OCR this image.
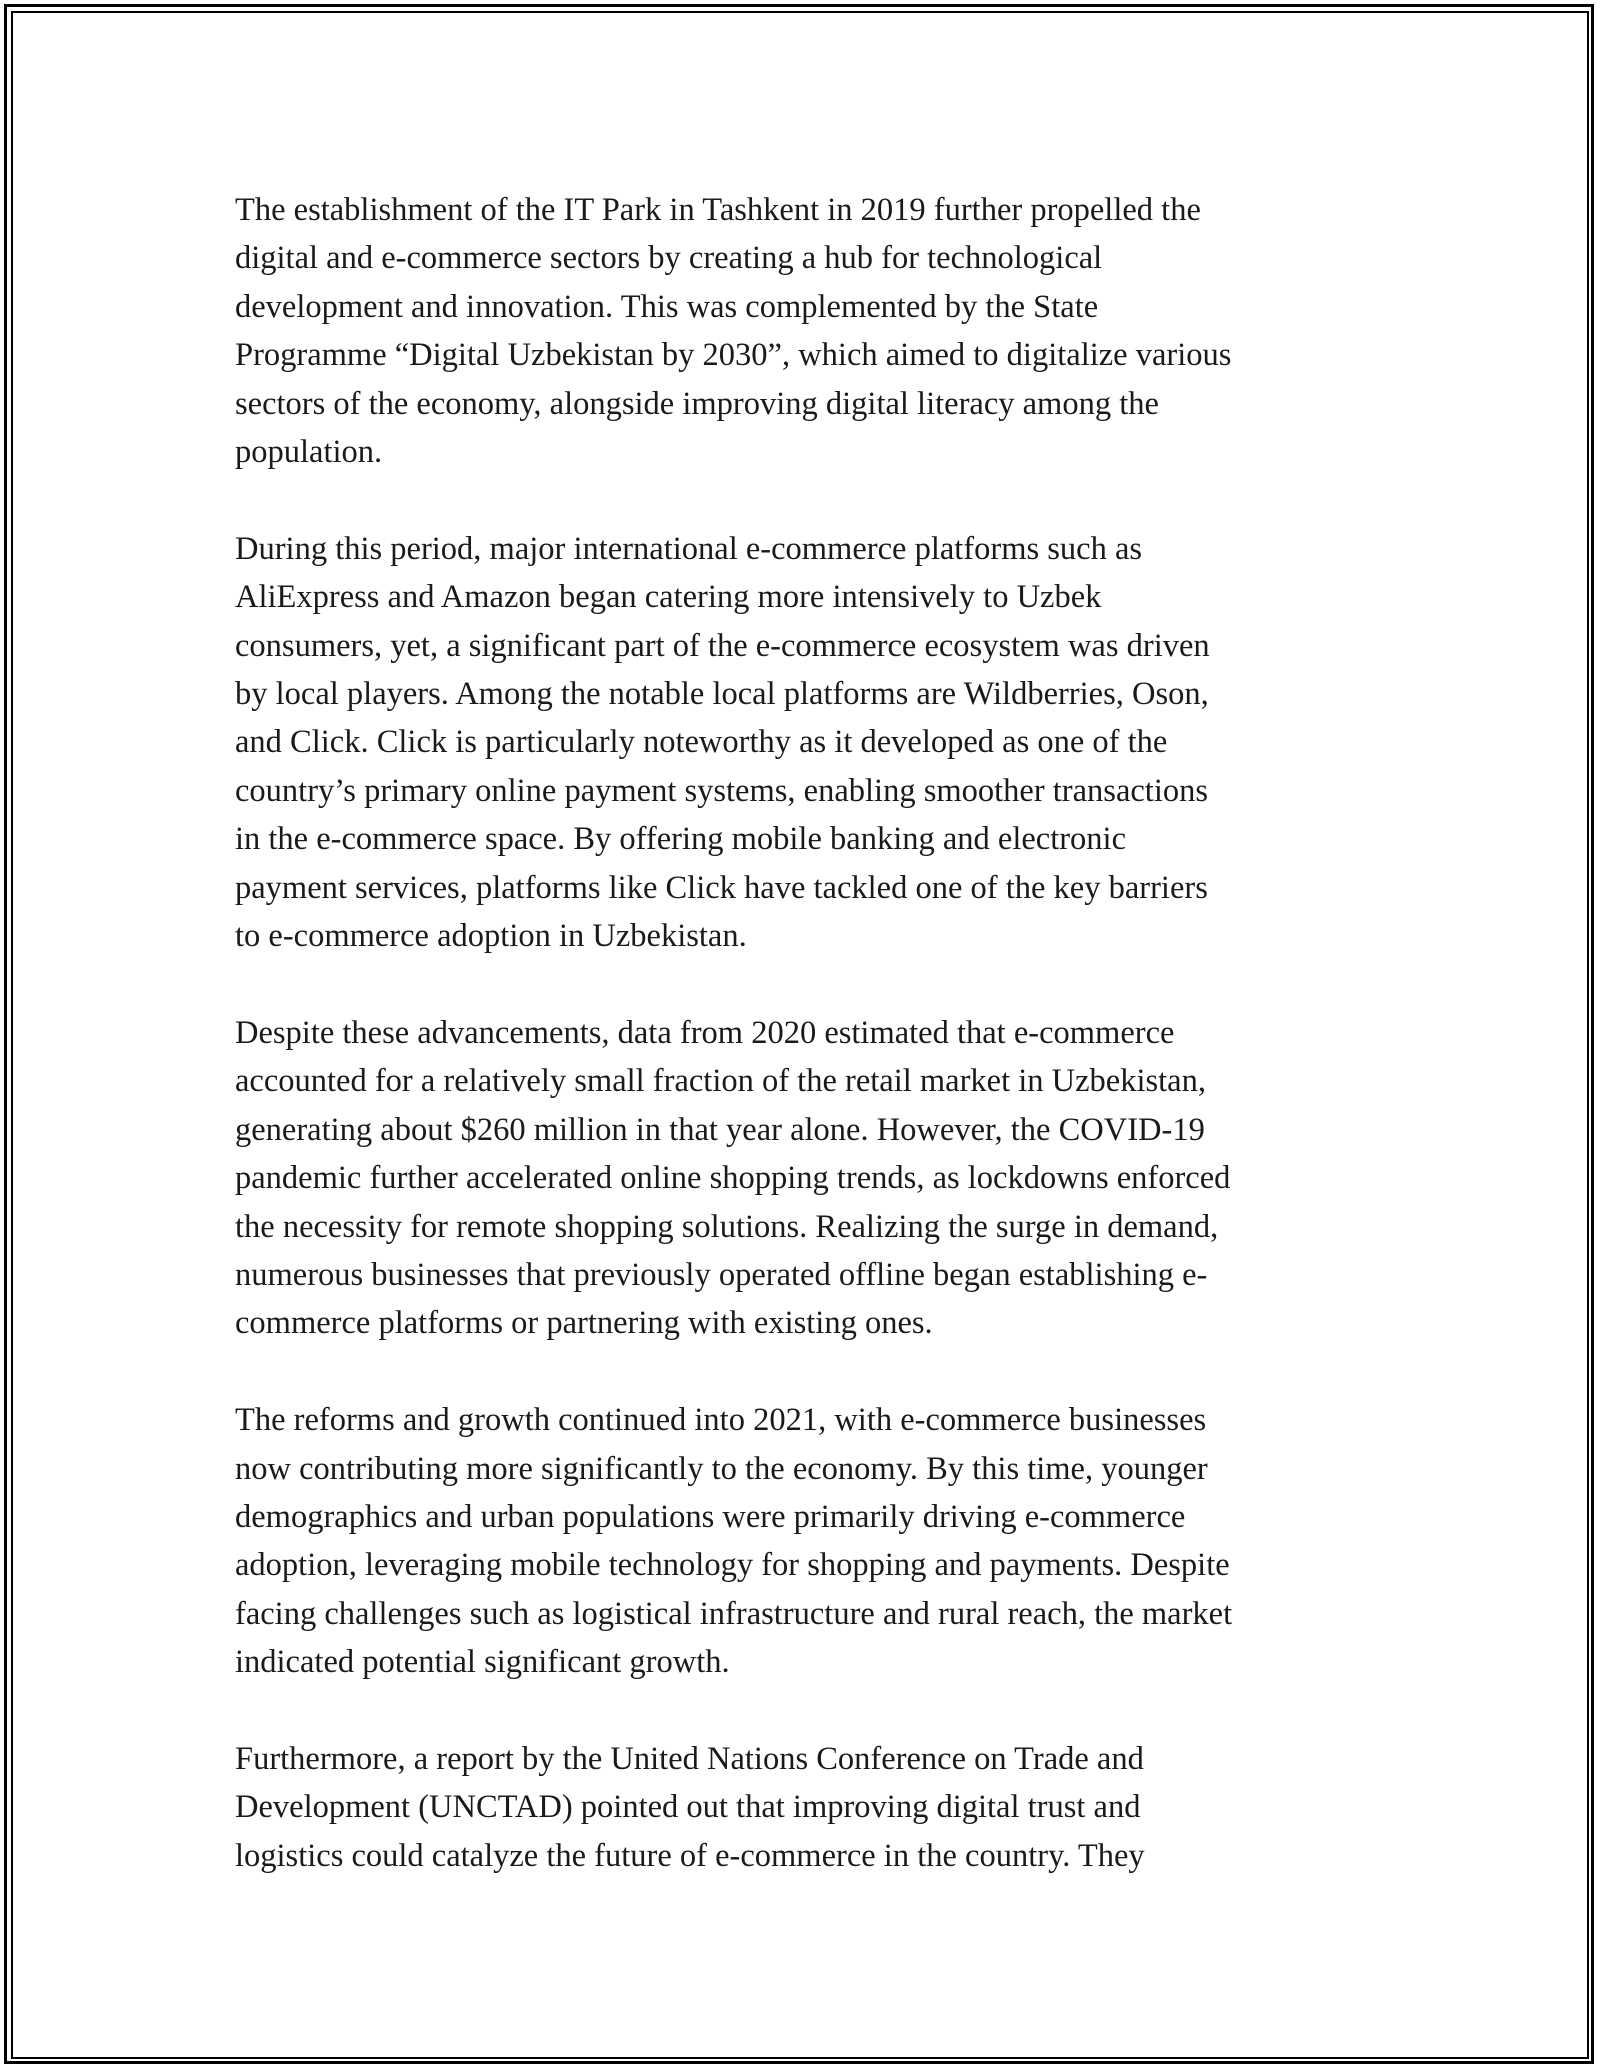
The establishment of the IT Park in Tashkent in 2019 further propelled the
digital and e-commerce sectors by creating a hub for technological
development and innovation. This was complemented by the State
Programme “Digital Uzbekistan by 2030”, which aimed to digitalize various
sectors of the economy, alongside improving digital literacy among the
population.

During this period, major international e-commerce platforms such as
AliExpress and Amazon began catering more intensively to Uzbek
consumers, yet, a significant part of the e-commerce ecosystem was driven
by local players. Among the notable local platforms are Wildberries, Oson,
and Click. Click is particularly noteworthy as it developed as one of the
country’s primary online payment systems, enabling smoother transactions
in the e-commerce space. By offering mobile banking and electronic
payment services, platforms like Click have tackled one of the key barriers
to e-commerce adoption in Uzbekistan.

Despite these advancements, data from 2020 estimated that e-commerce
accounted for a relatively small fraction of the retail market in Uzbekistan,
generating about $260 million in that year alone. However, the COVID-19
pandemic further accelerated online shopping trends, as lockdowns enforced
the necessity for remote shopping solutions. Realizing the surge in demand,
numerous businesses that previously operated offline began establishing e-
commerce platforms or partnering with existing ones.

The reforms and growth continued into 2021, with e-commerce businesses
now contributing more significantly to the economy. By this time, younger
demographics and urban populations were primarily driving e-commerce
adoption, leveraging mobile technology for shopping and payments. Despite
facing challenges such as logistical infrastructure and rural reach, the market
indicated potential significant growth.

Furthermore, a report by the United Nations Conference on Trade and
Development (UNCTAD) pointed out that improving digital trust and
logistics could catalyze the future of e-commerce in the country. They
